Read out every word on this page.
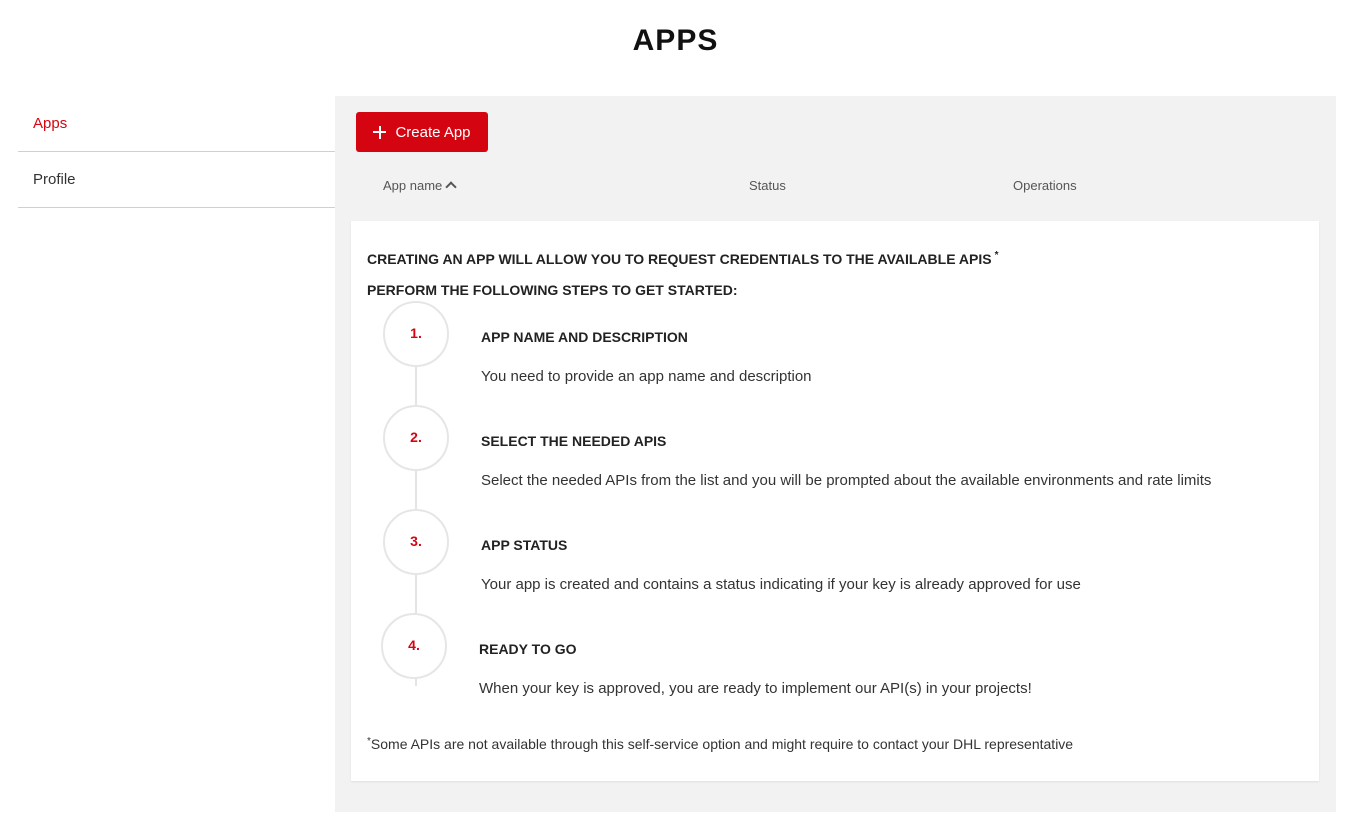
APPS
Apps
Profile
Create App
App name	Status	Operations
CREATING AN APP WILL ALLOW YOU TO REQUEST CREDENTIALS TO THE AVAILABLE APIS *
PERFORM THE FOLLOWING STEPS TO GET STARTED:
1.	APP NAME AND DESCRIPTION
You need to provide an app name and description
2.	SELECT THE NEEDED APIS
Select the needed APIs from the list and you will be prompted about the available environments and rate limits
3.	APP STATUS
Your app is created and contains a status indicating if your key is already approved for use
4.	READY TO GO
When your key is approved, you are ready to implement our API(s) in your projects!
*Some APIs are not available through this self-service option and might require to contact your DHL representative
